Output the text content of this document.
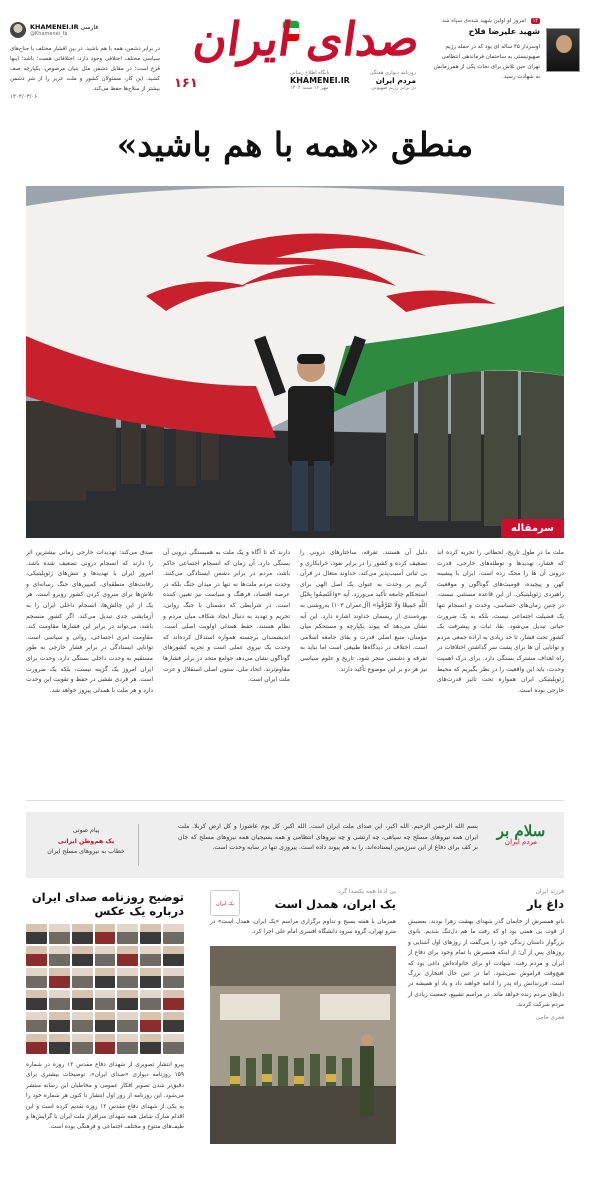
۱۴ امروز او اولین شهید شده‌ی سپاه شد
شهید علیرضا فلاح
اوسردار ۴۵ ساله ای بود که در حمله رژیم صهیونیستی به ساختمان فرماندهی انتظامی تهران حین تلاش برای نجات یکی از همرزمانش به شهادت رسید.
صدای ایران
۱۶۱
پایگاه اطلاع رسانی
KHAMENEI.IR
۱۴۰۴ مهر ۱۶ شنبه
روزنامه دیواری هفتگی
مردم ایران
در برابر رژیم صهیونی
KHAMENEI.IR فارسی
@Khamenei_fa
در برابر دشمن، همه با هم باشید. در بین اقشار مختلف با جناح‌های سیاسی مختلف اختلافی وجود دارد، اختلافاتی هست؛ باشد؛ اینها فرع است؛ در مقابل دشمن مثل بنیان مرصوص، یکپارچه صف کشید. این کار، مسئولان کشور و ملت عزیز را از شر دشمن بیشتر از سلاح‌ها حفظ می‌کند.
۱۴۰۴/۰۳/۰۶
منطق «همه با هم باشید»
سرمقاله
ملت ما در طول تاریخ، لحظاتی را تجربه کرده اند که فشار، تهدیدها و توطئه‌های خارجی، قدرت درونی آن ها را محک زده است. ایران با پیشینه کهن و پیچیده، قومیت‌های گوناگون و موقعیت راهبردی ژئوپلیتیکی، از این قاعده مستثنی نیست. در چنین زمان‌های حساسی، وحدت و انسجام تنها یک فضیلت اجتماعی نیست، بلکه به یک ضرورت حیاتی تبدیل می‌شود. بقا، ثبات و پیشرفت یک کشور تحت فشار، تا حد زیادی به اراده جمعی مردم و توانایی آن ها برای پشت سر گذاشتن اختلافات در راه اهداف مشترک بستگی دارد. برای درک اهمیت وحدت، باید این واقعیت را در نظر بگیریم که محیط ژئوپلیتیکی ایران همواره تحت تاثیر قدرت‌های خارجی بوده است.
دلیل آن هستند. تفرقه، ساختارهای درونی را تضعیف کرده و کشور را در برابر نفوذ، خرابکاری و بی ثباتی آسیب‌پذیر می‌کند. خداوند متعال در قرآن کریم بر وحدت به عنوان یک اصل الهی برای استحکام جامعه تأکید می‌ورزد. آیه «وَاعْتَصِمُوا بِحَبْلِ اللَّهِ جَمِيعًا وَلَا تَفَرَّقُوا» (آل‌عمران ۱۰۳) به‌روشنی به بهره‌مندی از ریسمان خداوند اشاره دارد. این آیه نشان می‌دهد که پیوند یکپارچه و مستحکم میان مؤمنان، منبع اصلی قدرت و بقای جامعه اسلامی است. اختلاف در دیدگاه‌ها طبیعی است اما نباید به تفرقه و دشمنی منجر شود. تاریخ و علوم سیاسی نیز هر دو بر این موضوع تأکید دارند.
دارند که تا آگاه و یک ملت به همبستگی درونی آن بستگی دارد. آن زمان که انسجام اجتماعی حاکم باشد، مردم در برابر دشمن ایستادگی می‌کنند. وحدت مردم ملت‌ها نه تنها در میدان جنگ بلکه در عرصه اقتصاد، فرهنگ و سیاست نیز تعیین کننده است. در شرایطی که دشمنان با جنگ روانی، تحریم و تهدید به دنبال ایجاد شکاف میان مردم و نظام هستند، حفظ همدلی اولویت اصلی است. اندیشمندان برجسته همواره استدلال کرده‌اند که وحدت یک نیروی عملی است و تجربه کشورهای گوناگون نشان می‌دهد جوامع متحد در برابر فشارها مقاوم‌ترند. اتحاد ملی، ستون اصلی استقلال و عزت ملت ایران است.
صدق می‌کند: تهدیدات خارجی زمانی بیشترین اثر را دارند که انسجام درونی تضعیف شده باشد. امروز ایران با تهدیدها و تنش‌های ژئوپلیتیکی، رقابت‌های منطقه‌ای، کمپین‌های جنگ رسانه‌ای و تلاش‌ها برای منزوی کردن کشور روبرو است. هر یک از این چالش‌ها، انسجام داخلی ایران را به آزمایشی جدی تبدیل می‌کند. اگر کشور منسجم باشد، می‌تواند در برابر این فشارها مقاومت کند. مقاومت امری اجتماعی، روانی و سیاسی است. توانایی ایستادگی در برابر فشار خارجی به طور مستقیم به وحدت داخلی بستگی دارد. وحدت برای ایران امروز یک گزینه نیست، بلکه یک ضرورت است. هر فردی نقشی در حفظ و تقویت این وحدت دارد و هر ملت با همدلی پیروز خواهد شد.
سلام بر
مردم ایران
بسم الله الرحمن الرحیم. الله اکبر، این صدای ملت ایران است. الله اکبر. کل یوم عاشورا و کل ارض کربلا. ملت ایران همه نیروهای مسلح چه سپاهی، چه ارتشی و چه نیروهای انتظامی و همه بسیجیان همه نیروهای مسلح که جان بر کف برای دفاع از این سرزمین ایستاده‌اند، را به هم پیوند داده است. پیروزی تنها در سایه وحدت است.
پیام صوتی
یک هم‌وطن ایرانی
خطاب به نیروهای مسلح ایران
فرزند ایران
داغ بار
بانو همسرش از خانمان گذر شهدای بهشت زهرا بودند. بعضیش از قوت بی همتی بود او که رفت ما هم دل‌تنگ شدیم. بانوی بزرگوار داستان زندگی خود را می‌گفت از روزهای اول آشنایی و روزهای پس از آن؛ از اینکه همسرش با تمام وجود برای دفاع از ایران و مردم رفت. شهادت او برای خانواده‌اش داغی بود که هیچ‌وقت فراموش نمی‌شود، اما در عین حال افتخاری بزرگ است. فرزندانش راه پدر را ادامه خواهند داد و یاد او همیشه در دل‌های مردم زنده خواهد ماند. در مراسم تشییع، جمعیت زیادی از مردم شرکت کردند.
فخری حاجی
یک ایران
بی ادعا همه یکصدا گرد
یک ایران، همدل است
همزمان با هفته بسیج و تداوم برگزاری مراسم «یک ایران، همدل است» در مترو تهران، گروه سرود دانشگاه افسری امام علی اجرا کرد.
توضیح روزنامه صدای ایران درباره یک عکس
پیرو انتشار تصویری از شهدای دفاع مقدس ۱۲ روزه در شماره ۱۵۹ روزنامه دیواری «صدای ایران»، توضیحات بیشتری برای دقیق‌تر شدن تصویر افکار عمومی و مخاطبان این رسانه منتشر می‌شود. این روزنامه از روز اول انتشار تا کنون هر شماره خود را به یکی از شهدای دفاع مقدس ۱۲ روزه تقدیم کرده است و این اقدام مبارک شامل همه شهدای سرافراز ملت ایران با گرایش‌ها و طیف‌های متنوع و مختلف اجتماعی و فرهنگی بوده است.
